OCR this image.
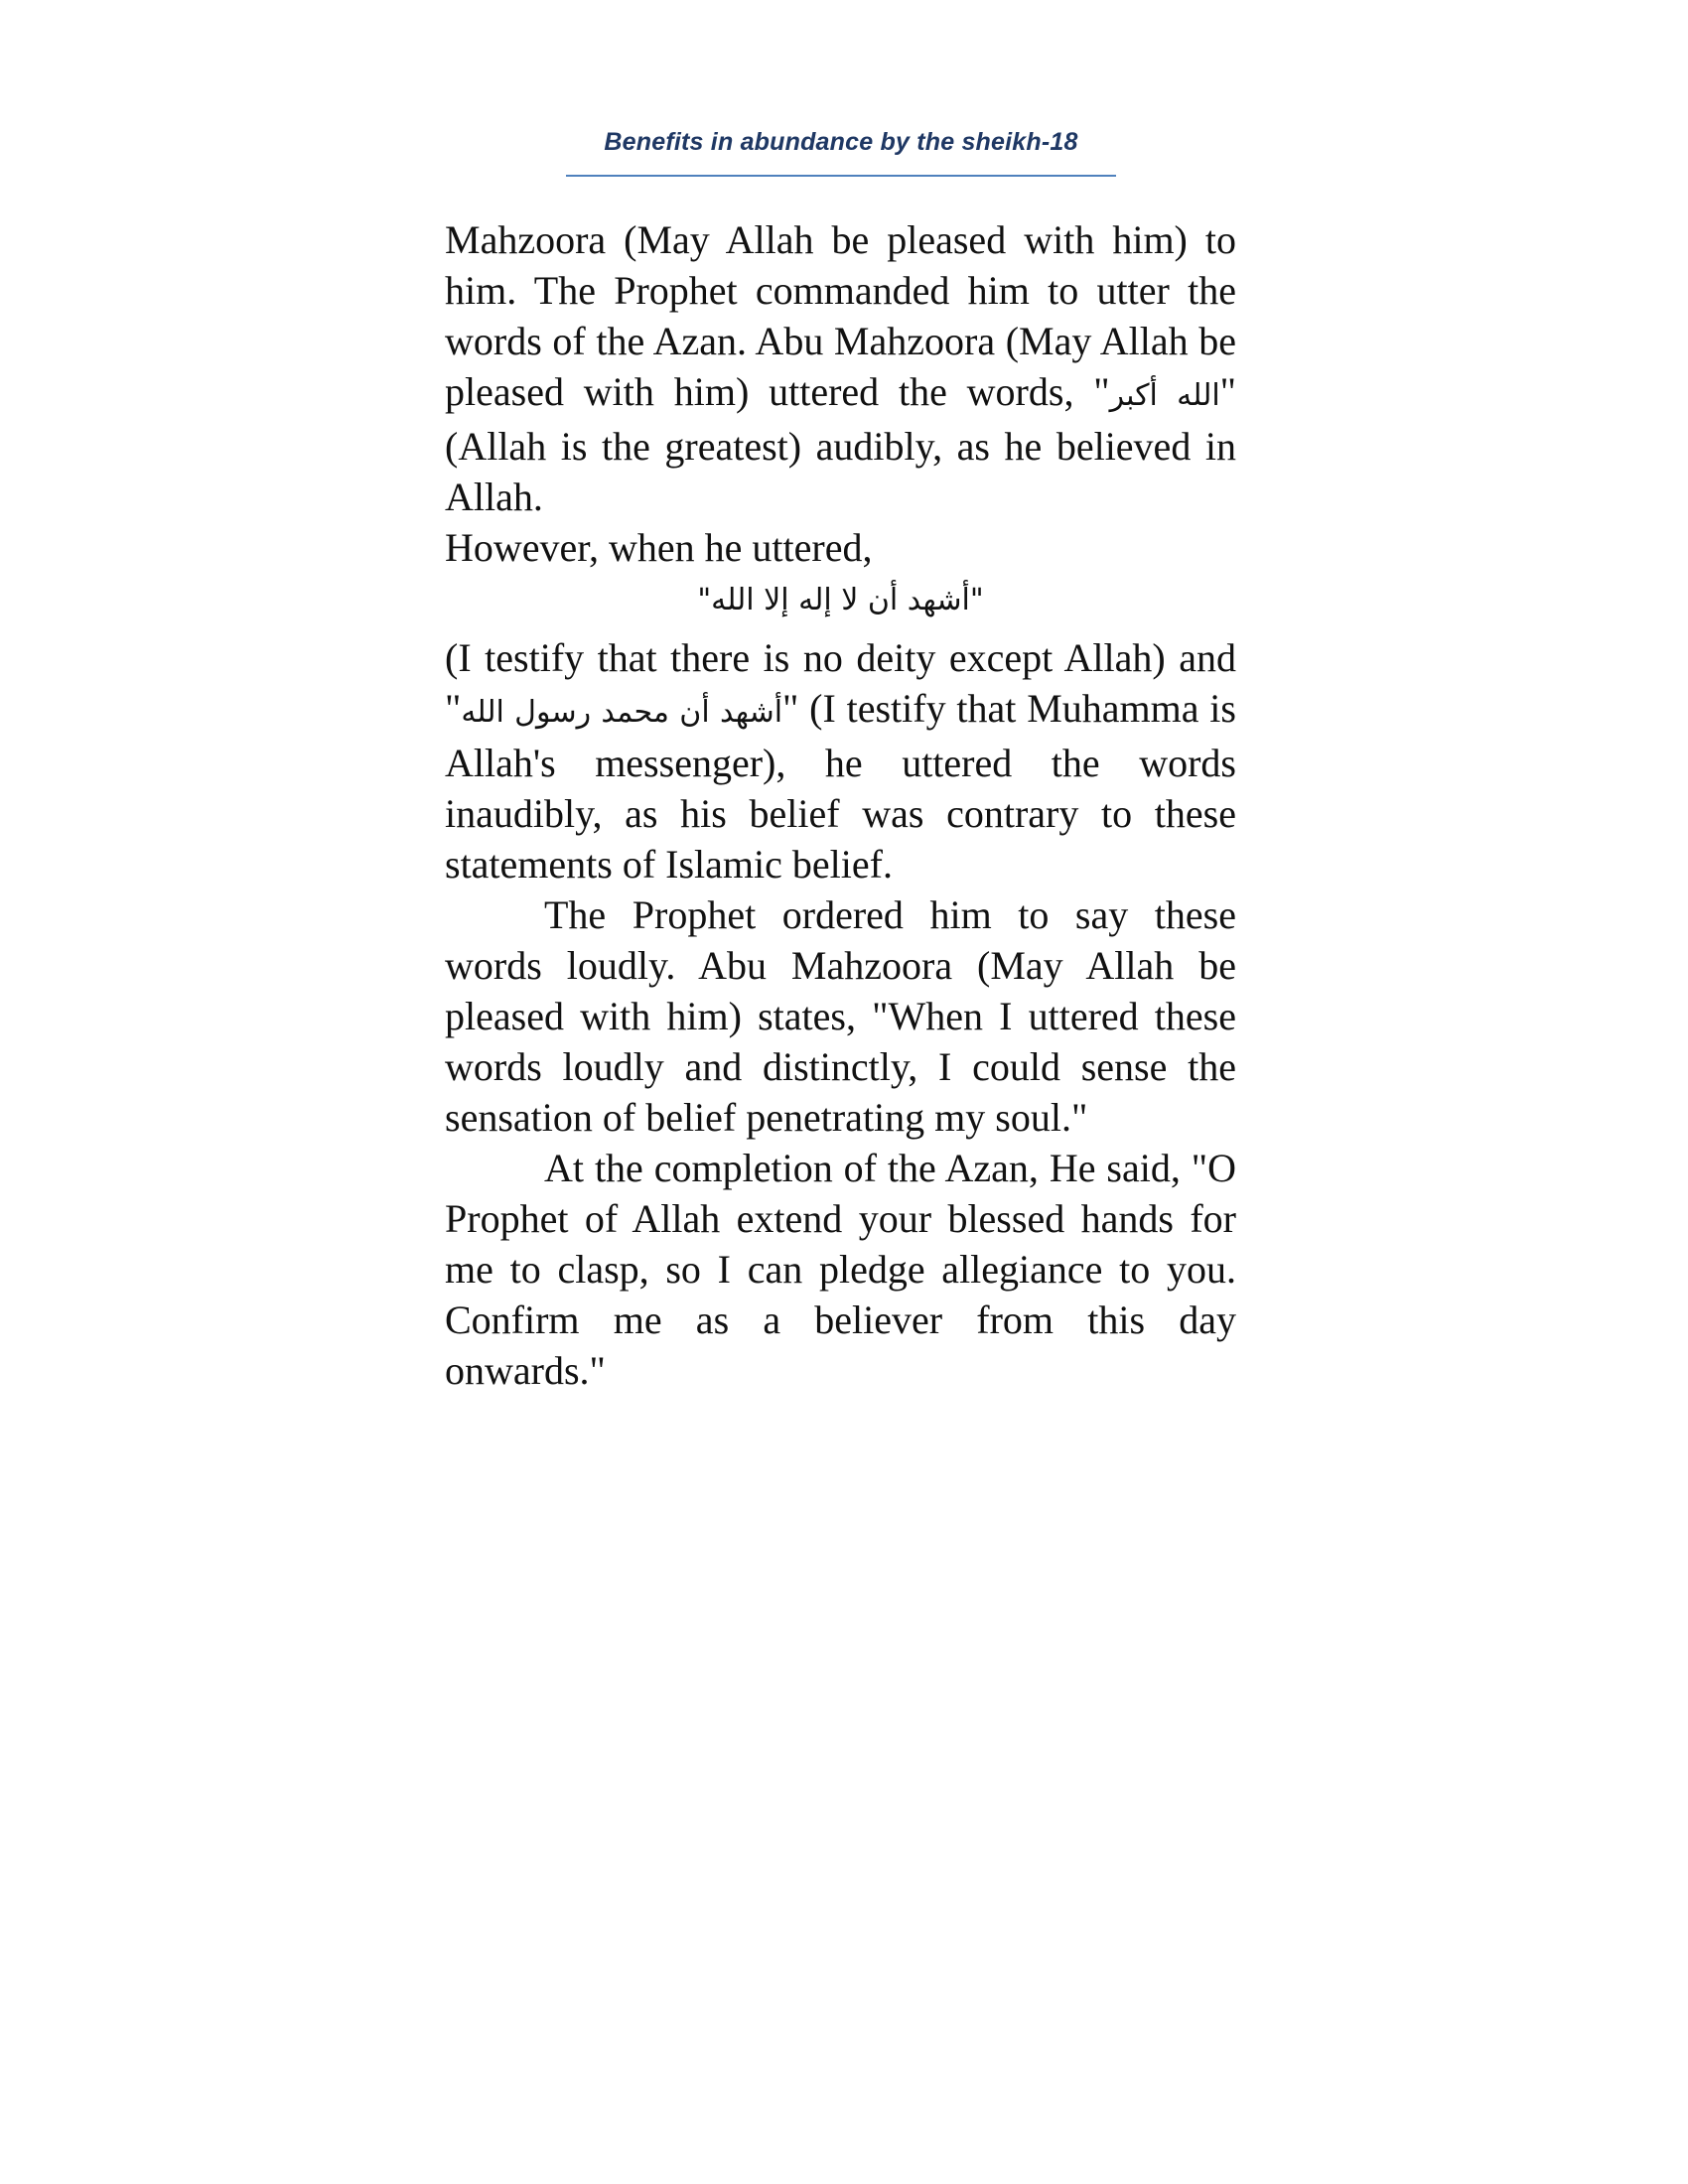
Benefits in abundance by the sheikh-18

Mahzoora (May Allah be pleased with him) to him. The Prophet commanded him to utter the words of the Azan. Abu Mahzoora (May Allah be pleased with him) uttered the words, "الله أكبر" (Allah is the greatest) audibly, as he believed in Allah.

However, when he uttered,

"أشهد أن لا إله إلا الله"

(I testify that there is no deity except Allah) and "أشهد أن محمد رسول الله" (I testify that Muhamma is Allah's messenger), he uttered the words inaudibly, as his belief was contrary to these statements of Islamic belief.

The Prophet ordered him to say these words loudly. Abu Mahzoora (May Allah be pleased with him) states, "When I uttered these words loudly and distinctly, I could sense the sensation of belief penetrating my soul."

At the completion of the Azan, He said, "O Prophet of Allah extend your blessed hands for me to clasp, so I can pledge allegiance to you. Confirm me as a believer from this day onwards."
